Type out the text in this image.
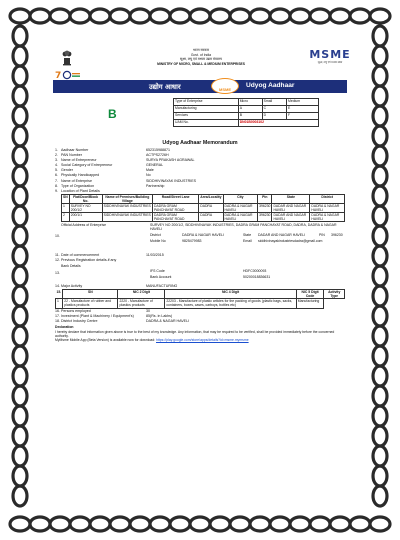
भारत सरकार
Govt. of India
सूक्ष्म, लघु एवं मध्यम उद्यम मंत्रालय
MINISTRY OF MICRO, SMALL & MEDIUM ENTERPRISES
MSME
सूक्ष्म, लघु एवं मध्यम उद्यम
7
उद्योग आधार	MSME
Udyog Aadhaar
B
Type of Enterprise	Micro	Small	Medium
Manufacturing	A	C	E
Services	B	D	F
UAM No.	DN01B0003102		
Udyog Aadhaar Memorandum
1. Aadhaar Number	652315988871
2. PAN Number	ACTPS2726H
3. Name of Entrepreneur	SURYA PRAKASH AGRAWAL
4. Social Category of Entrepreneur	GENERAL
5. Gender	Male
6. Physically Handicapped	No
7. Name of Enterprise	SIDDHIVINAYAK INDUSTRIES
8. Type of Organization	Partnership
9. Location of Plant Details
SN	Flat/Door/Block No.	Name of Premises/Building Village	Road/Street Lane	Area/Locality	City	Pin	State	District
1	SURVEY NO 200/1/2	SIDDHIVINAYAK INDUSTRIES	DADRA GRAM PANCHAYAT ROAD	DADRA	DADRA & NAGAR HAVELI	396230	DADAR AND NAGAR HAVELI	DADRA & NAGAR HAVELI
2	200/1/1	SIDDHIVINAYAK INDUSTRIES	DADRA GRAM PANCHAYAT ROAD	DADRA	DADRA & NAGAR HAVELI	396230	DADAR AND NAGAR HAVELI	DADRA & NAGAR HAVELI
10.
Official Address of Enterprise	SURVEY NO 200/1/2, SIDDHIVINAYAK INDUSTRIES, DADRA GRAM PANCHAYAT ROAD, DADRA, DADRA & NAGAR HAVELI
District	DADRA & NAGAR HAVELI	State DADAR AND NAGAR HAVELI	PIN 396230
Mobile No	9825479983	Email siddhivinayakindustriesdadra@gmail.com
11. Date of commencement	11/03/2015
12. Previous Registration details-if any
13.
Bank Details
IFS Code	HDFC0000093
Bank Account	50200018836631
14. Major Activity	MANUFACTURING
15.	SN	NIC 2 Digit	NIC 4 Digit	NIC 5 Digit Code	Activity Type
1	22 - Manufacture of rubber and plastics products	2220 - Manufacture of plastics products	22203 - Manufacture of plastic articles for the packing of goods (plastic bags, sacks, containers, boxes, cases, carboys, bottles etc)	Manufacturing	
16. Persons employed	30
17. Investment (Plant & Machinery / Equipment's)	85(Rs. in Lakhs)
18. District Industry Centre	DADRA & NAGAR HAVELI
Declaration
I hereby declare that information given above is true to the best of my knowledge. Any information, that may be required to be verified, shall be provided immediately before the concerned authority.
MyMsme Mobile App (Beta Version) is available now for download: https://play.google.com/store/apps/details?id=msme.mymsme
